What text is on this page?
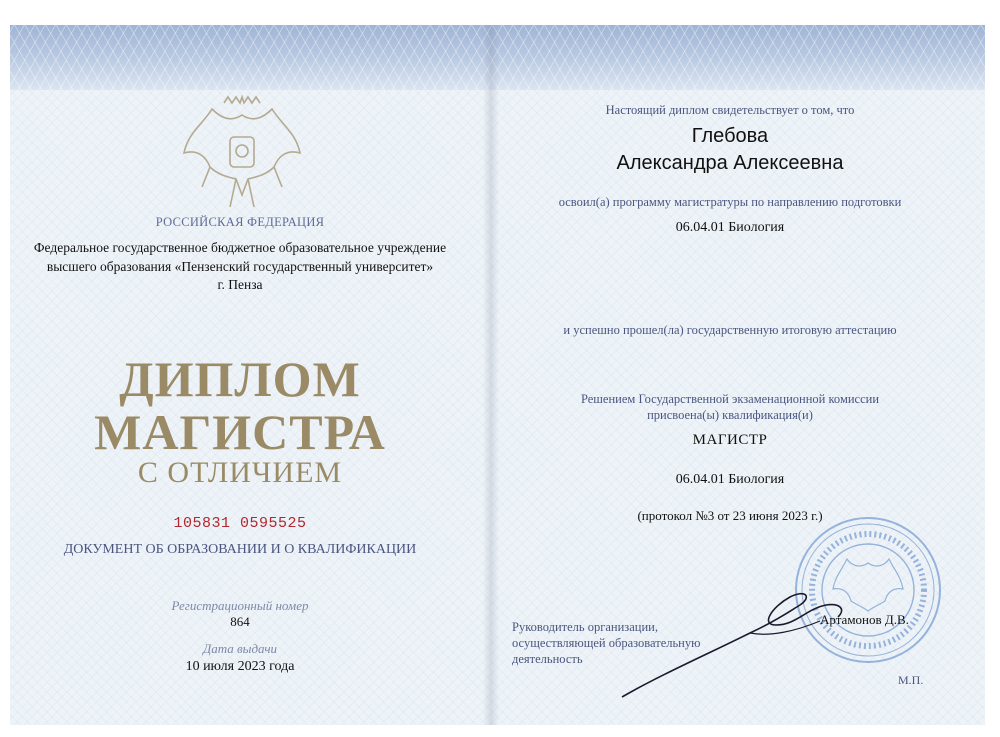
РОССИЙСКАЯ ФЕДЕРАЦИЯ
Федеральное государственное бюджетное образовательное учреждение
высшего образования «Пензенский государственный университет»
г. Пенза
ДИПЛОМ
МАГИСТРА
С ОТЛИЧИЕМ
105831 0595525
ДОКУМЕНТ ОБ ОБРАЗОВАНИИ И О КВАЛИФИКАЦИИ
Регистрационный номер
864
Дата выдачи
10 июля 2023 года
Настоящий диплом свидетельствует о том, что
Глебова
Александра Алексеевна
освоил(а) программу магистратуры по направлению подготовки
06.04.01 Биология
и успешно прошел(ла) государственную итоговую аттестацию
Решением Государственной экзаменационной комиссии
присвоена(ы) квалификация(и)
МАГИСТР
06.04.01 Биология
(протокол №3 от 23 июня 2023 г.)
Руководитель организации,
осуществляющей образовательную
деятельность
Артамонов Д.В.
М.П.
